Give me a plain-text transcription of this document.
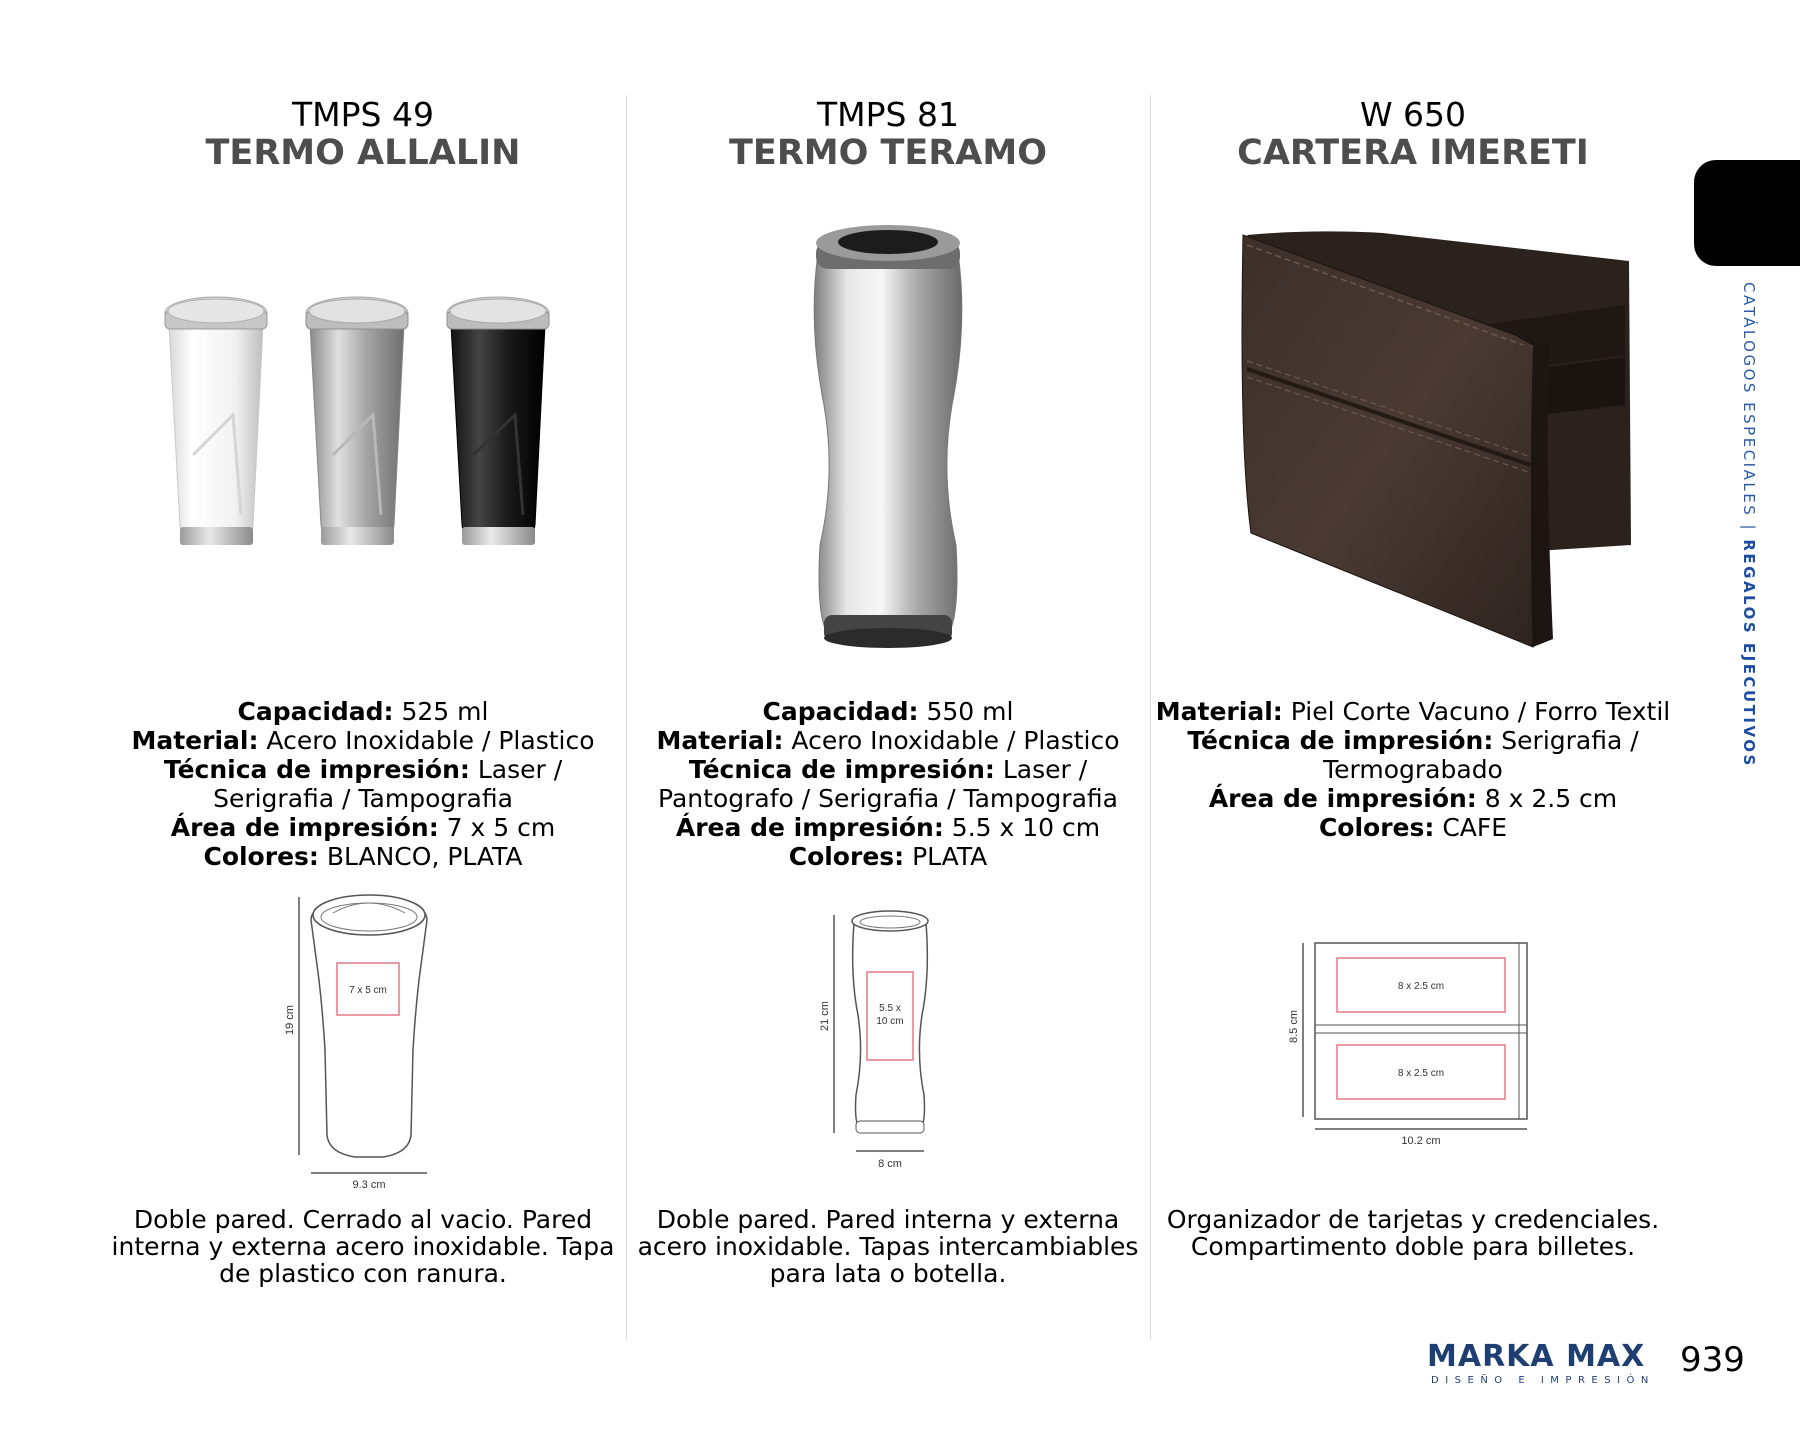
TMPS 49
TERMO ALLALIN
Capacidad: 525 ml
Material: Acero Inoxidable / Plastico
Técnica de impresión: Laser / Serigrafia / Tampografia
Área de impresión: 7 x 5 cm
Colores: BLANCO, PLATA
19 cm
7 x 5 cm
9.3 cm
Doble pared. Cerrado al vacio. Pared interna y externa acero inoxidable. Tapa de plastico con ranura.
TMPS 81
TERMO TERAMO
Capacidad: 550 ml
Material: Acero Inoxidable / Plastico
Técnica de impresión: Laser / Pantografo / Serigrafia / Tampografia
Área de impresión: 5.5 x 10 cm
Colores: PLATA
21 cm	5.5 x
10 cm
8 cm
Doble pared. Pared interna y externa acero inoxidable. Tapas intercambiables para lata o botella.
W 650
CARTERA IMERETI
Material: Piel Corte Vacuno / Forro Textil
Técnica de impresión: Serigrafia / Termograbado
Área de impresión: 8 x 2.5 cm
Colores: CAFE
8.5 cm
8 x 2.5 cm
8 x 2.5 cm
10.2 cm
Organizador de tarjetas y credenciales. Compartimento doble para billetes.
CATÁLOGOS ESPECIALES | REGALOS EJECUTIVOS
MARKA MAX
DISEÑO E IMPRESIÓN
939
